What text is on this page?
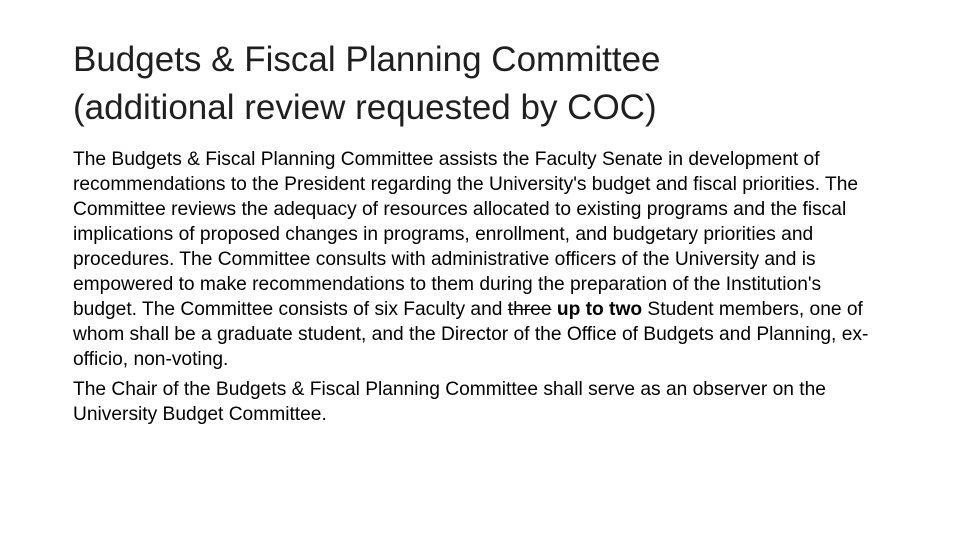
Budgets & Fiscal Planning Committee
(additional review requested by COC)

The Budgets & Fiscal Planning Committee assists the Faculty Senate in development of recommendations to the President regarding the University's budget and fiscal priorities. The Committee reviews the adequacy of resources allocated to existing programs and the fiscal implications of proposed changes in programs, enrollment, and budgetary priorities and procedures. The Committee consults with administrative officers of the University and is empowered to make recommendations to them during the preparation of the Institution's budget. The Committee consists of six Faculty and three up to two Student members, one of whom shall be a graduate student, and the Director of the Office of Budgets and Planning, ex-officio, non-voting.

The Chair of the Budgets & Fiscal Planning Committee shall serve as an observer on the University Budget Committee.
